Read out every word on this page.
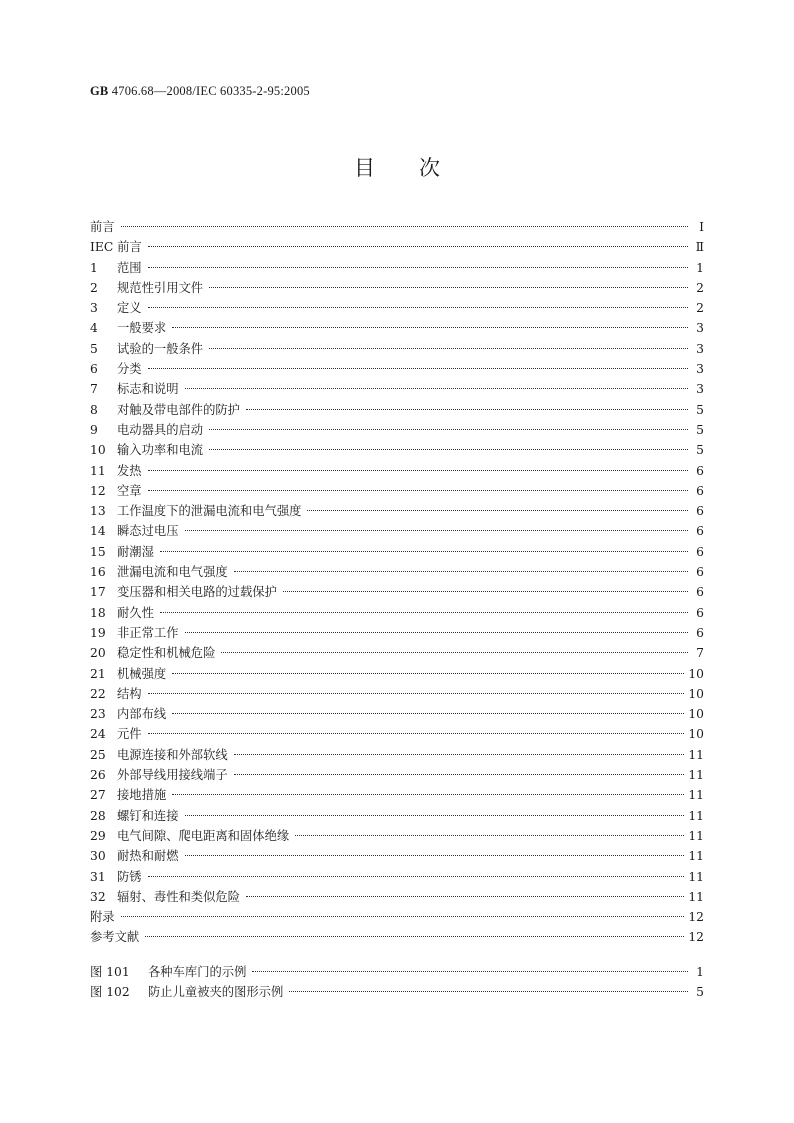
GB 4706.68—2008/IEC 60335-2-95:2005
目次
前言	Ⅰ
IEC 前言	Ⅱ
1	范围	1
2	规范性引用文件	2
3	定义	2
4	一般要求	3
5	试验的一般条件	3
6	分类	3
7	标志和说明	3
8	对触及带电部件的防护	5
9	电动器具的启动	5
10 输入功率和电流	5
11 发热	6
12 空章	6
13 工作温度下的泄漏电流和电气强度	6
14 瞬态过电压	6
15 耐潮湿	6
16 泄漏电流和电气强度	6
17 变压器和相关电路的过载保护	6
18 耐久性	6
19 非正常工作	6
20 稳定性和机械危险	7
21 机械强度	10
22 结构	10
23 内部布线	10
24 元件	10
25 电源连接和外部软线	11
26 外部导线用接线端子	11
27 接地措施	11
28 螺钉和连接	11
29 电气间隙、爬电距离和固体绝缘	11
30 耐热和耐燃	11
31 防锈	11
32 辐射、毒性和类似危险	11
附录	12
参考文献	12
图 101	各种车库门的示例	1
图 102	防止儿童被夹的图形示例	5
